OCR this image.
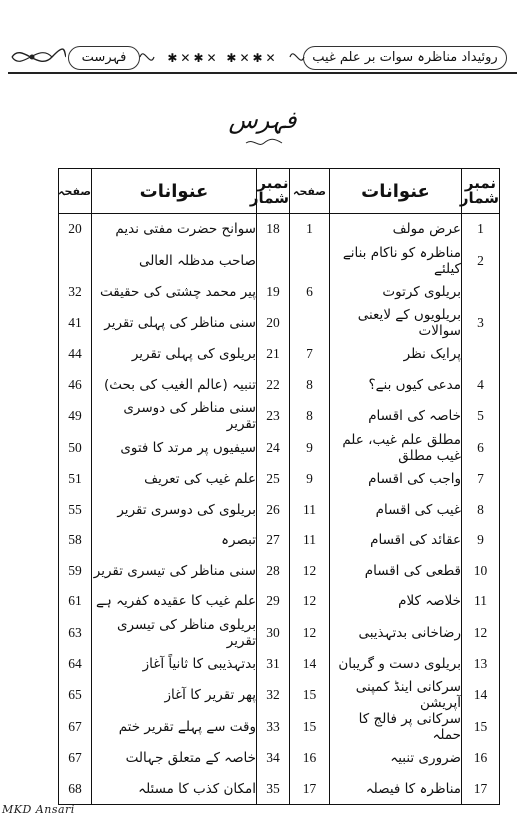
فہرست	✱✕✱✕ ✱✕✱✕	روئیداد مناظرہ سوات بر علم غیب
فہرس
نمبر شمار	عنوانات	صفحہ	نمبر شمار	عنوانات	صفحہ
1	عرض مولف	1	18	سوانح حضرت مفتی ندیم	20
2	مناظرہ کو ناکام بنانے کیلئے			صاحب مدظلہ العالی	
	بریلوی کرتوت	6	19	پیر محمد چشتی کی حقیقت	32
3	بریلویوں کے لایعنی سوالات		20	سنی مناظر کی پہلی تقریر	41
	پرایک نظر	7	21	بریلوی کی پہلی تقریر	44
4	مدعی کیوں بنے؟	8	22	تنبیہ (عالم الغیب کی بحث)	46
5	خاصہ کی اقسام	8	23	سنی مناظر کی دوسری تقریر	49
6	مطلق علم غیب، علم غیب مطلق	9	24	سیفیوں پر مرتد کا فتوی	50
7	واجب کی اقسام	9	25	علم غیب کی تعریف	51
8	غیب کی اقسام	11	26	بریلوی کی دوسری تقریر	55
9	عقائد کی اقسام	11	27	تبصرہ	58
10	قطعی کی اقسام	12	28	سنی مناظر کی تیسری تقریر	59
11	خلاصہ کلام	12	29	علم غیب کا عقیدہ کفریہ ہے	61
12	رضاخانی بدتہذیبی	12	30	بریلوی مناظر کی تیسری تقریر	63
13	بریلوی دست و گریبان	14	31	بدتہذیبی کا ثانیاً آغاز	64
14	سرکانی اینڈ کمپنی آپریشن	15	32	پھر تقریر کا آغاز	65
15	سرکانی پر فالج کا حملہ	15	33	وقت سے پہلے تقریر ختم	67
16	ضروری تنبیہ	16	34	خاصہ کے متعلق جہالت	67
17	مناظرہ کا فیصلہ	17	35	امکان کذب کا مسئلہ	68
MKD Ansari
